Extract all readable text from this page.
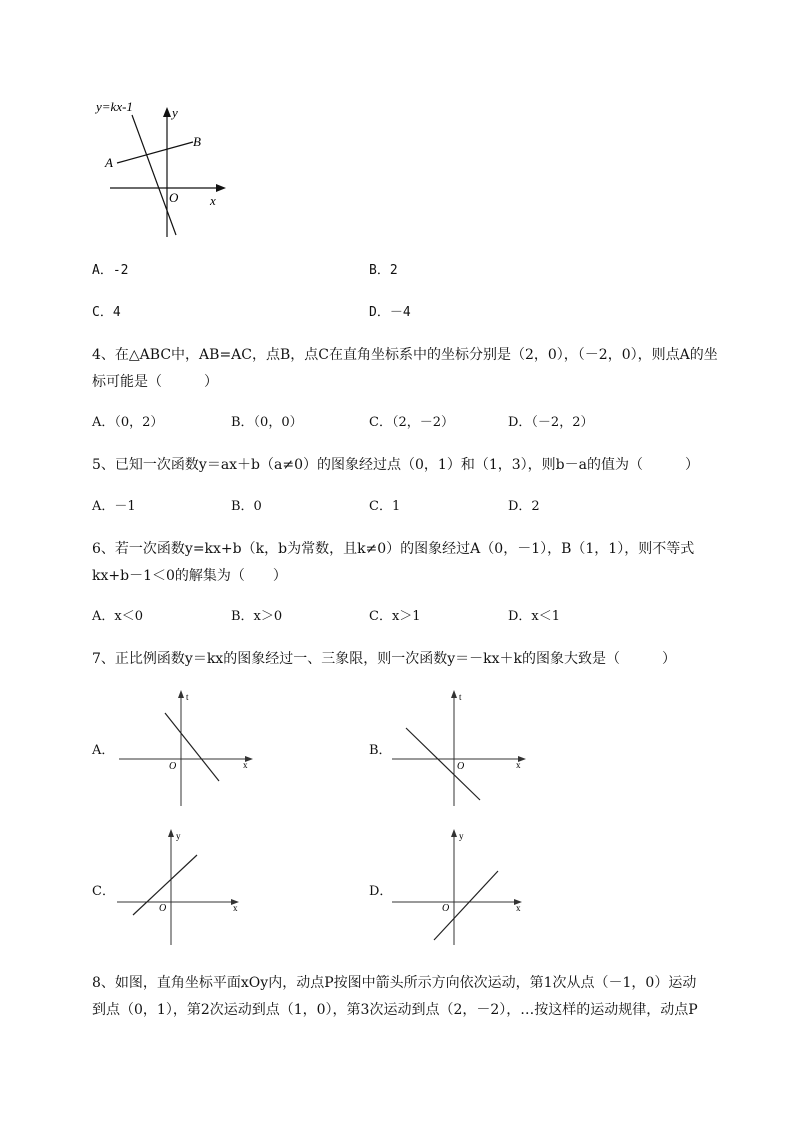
y=kx-1	y
x
O
A
B
A．-2	B．2
C．4	D．－4
4、在△ABC中，AB=AC，点B，点C在直角坐标系中的坐标分别是（2，0），（－2，0），则点A的坐
标可能是（　　　）
A．（0，2）	B．（0，0）	C．（2，－2）	D．（－2，2）
5、已知一次函数y＝ax＋b（a≠0）的图象经过点（0，1）和（1，3），则b－a的值为（　　　）
A．－1	B．0	C．1	D．2
6、若一次函数y=kx+b（k，b为常数，且k≠0）的图象经过A（0，－1），B（1，1），则不等式
kx+b－1＜0的解集为（　　）
A．x＜0	B．x＞0	C．x＞1	D．x＜1
7、正比例函数y＝kx的图象经过一、三象限，则一次函数y＝－kx＋k的图象大致是（　　　）
A．
t
x
O
B．
t
x
O
C．
y
x
O
D．
y
x
O
8、如图，直角坐标平面xOy内，动点P按图中箭头所示方向依次运动，第1次从点（－1，0）运动
到点（0，1），第2次运动到点（1，0），第3次运动到点（2，－2），…按这样的运动规律，动点P
